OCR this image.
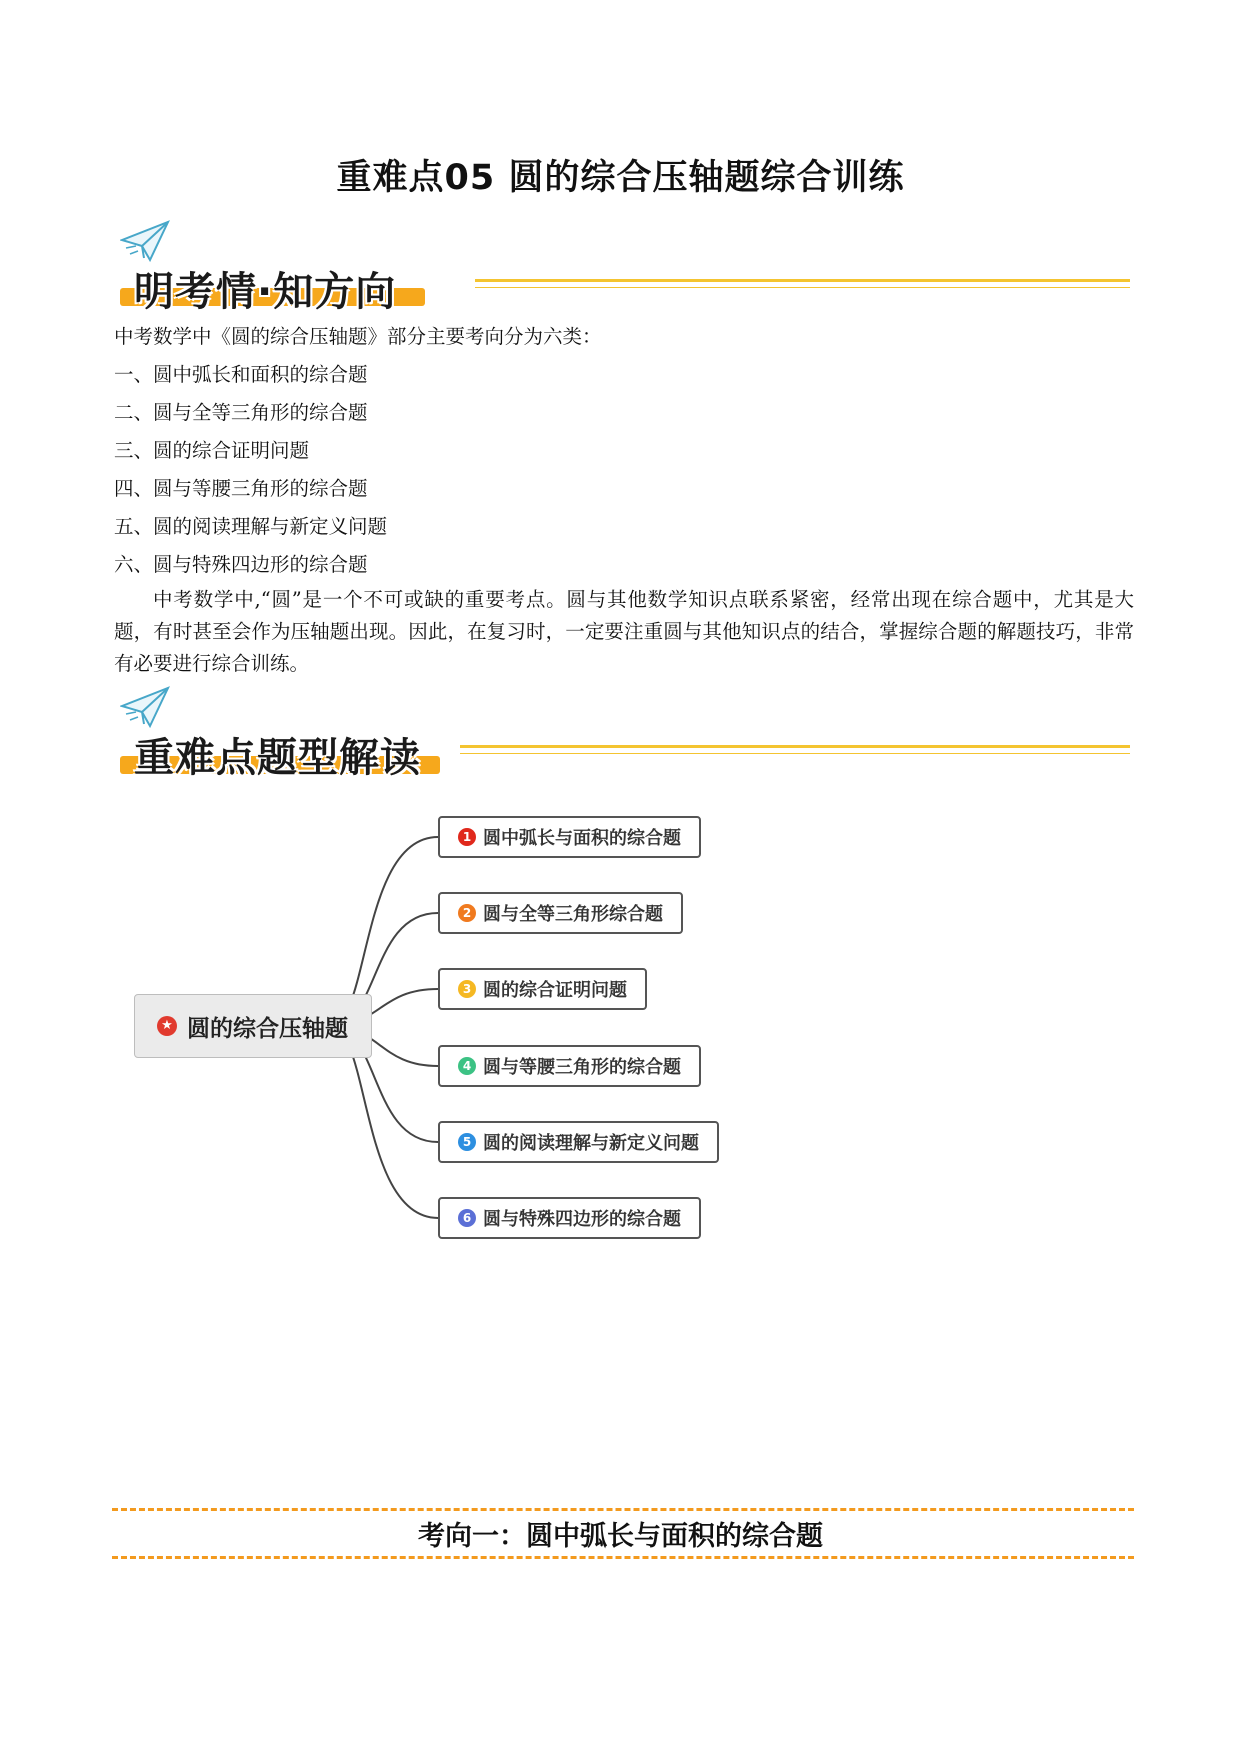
重难点05 圆的综合压轴题综合训练
明考情·知方向
中考数学中《圆的综合压轴题》部分主要考向分为六类：
一、圆中弧长和面积的综合题
二、圆与全等三角形的综合题
三、圆的综合证明问题
四、圆与等腰三角形的综合题
五、圆的阅读理解与新定义问题
六、圆与特殊四边形的综合题
中考数学中,“圆”是一个不可或缺的重要考点。圆与其他数学知识点联系紧密，经常出现在综合题中，尤其是大题，有时甚至会作为压轴题出现。因此，在复习时，一定要注重圆与其他知识点的结合，掌握综合题的解题技巧，非常有必要进行综合训练。
重难点题型解读
★ 圆的综合压轴题
1 圆中弧长与面积的综合题
2 圆与全等三角形综合题
3 圆的综合证明问题
4 圆与等腰三角形的综合题
5 圆的阅读理解与新定义问题
6 圆与特殊四边形的综合题
考向一：圆中弧长与面积的综合题
